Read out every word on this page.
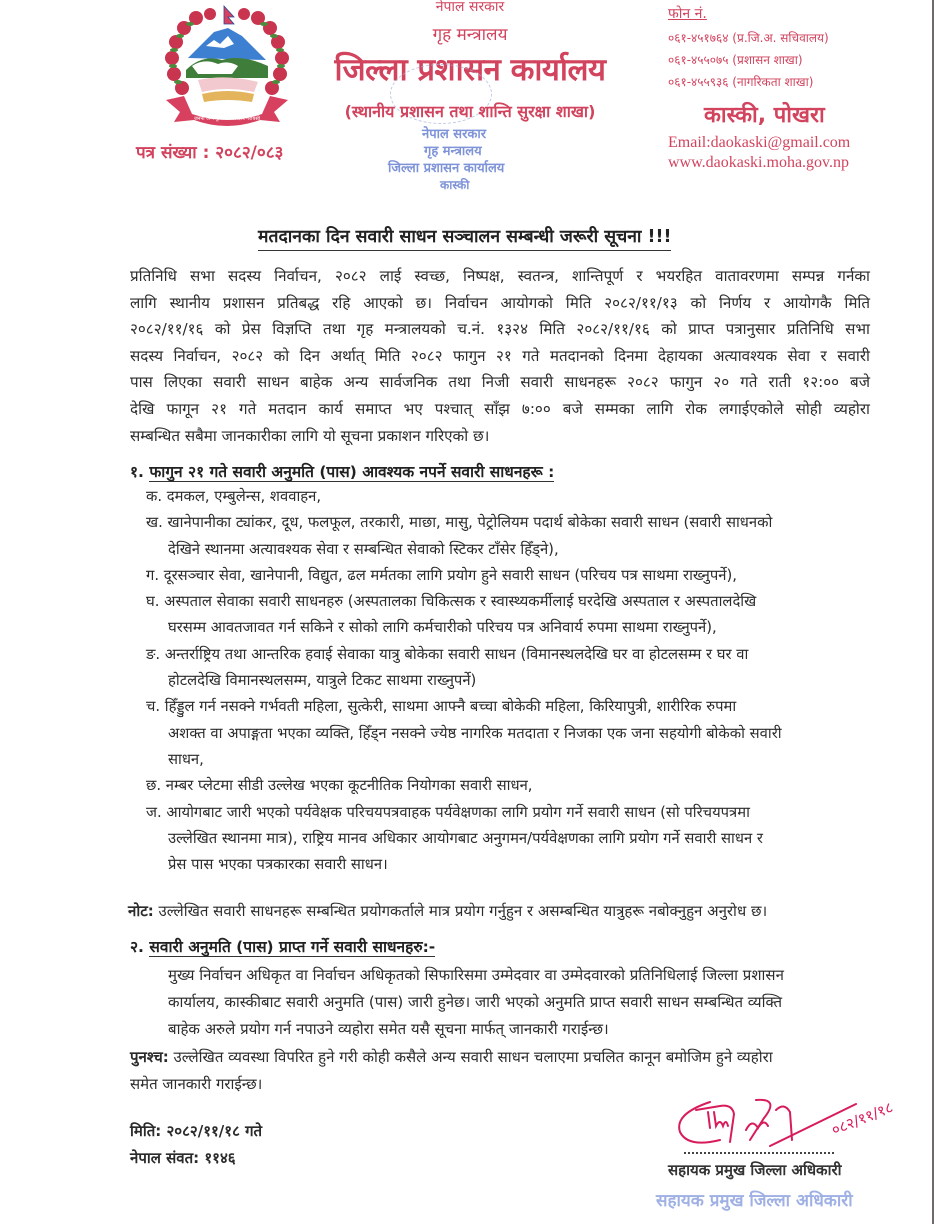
जननी जन्मभूमिश्च स्वर्गादपि गरीयसी
पत्र संख्या : २०८२/०८३
नेपाल सरकार
गृह मन्त्रालय
जिल्ला प्रशासन कार्यालय
(स्थानीय प्रशासन तथा शान्ति सुरक्षा शाखा)
नेपाल सरकार
गृह मन्त्रालय
जिल्ला प्रशासन कार्यालय
कास्की
फोन नं.
०६१-४५१७६४ (प्र.जि.अ. सचिवालय)
०६१-४५५०७५ (प्रशासन शाखा)
०६१-४५५९३६ (नागरिकता शाखा)
कास्की, पोखरा
Email:daokaski@gmail.com
www.daokaski.moha.gov.np
मतदानका दिन सवारी साधन सञ्चालन सम्बन्धी जरूरी सूचना !!!
प्रतिनिधि सभा सदस्य निर्वाचन, २०८२ लाई स्वच्छ, निष्पक्ष, स्वतन्त्र, शान्तिपूर्ण र भयरहित वातावरणमा सम्पन्न गर्नका
लागि स्थानीय प्रशासन प्रतिबद्ध रहि आएको छ। निर्वाचन आयोगको मिति २०८२/११/१३ को निर्णय र आयोगकै मिति
२०८२/११/१६ को प्रेस विज्ञप्ति तथा गृह मन्त्रालयको च.नं. १३२४ मिति २०८२/११/१६ को प्राप्त पत्रानुसार प्रतिनिधि सभा
सदस्य निर्वाचन, २०८२ को दिन अर्थात् मिति २०८२ फागुन २१ गते मतदानको दिनमा देहायका अत्यावश्यक सेवा र सवारी
पास लिएका सवारी साधन बाहेक अन्य सार्वजनिक तथा निजी सवारी साधनहरू २०८२ फागुन २० गते राती १२:०० बजे
देखि फागून २१ गते मतदान कार्य समाप्त भए पश्चात् साँझ ७:०० बजे सम्मका लागि रोक लगाईएकोले सोही व्यहोरा
सम्बन्धित सबैमा जानकारीका लागि यो सूचना प्रकाशन गरिएको छ।
१. फागुन २१ गते सवारी अनुमति (पास) आवश्यक नपर्ने सवारी साधनहरू :
क. दमकल, एम्बुलेन्स, शववाहन,
ख. खानेपानीका ट्यांकर, दूध, फलफूल, तरकारी, माछा, मासु, पेट्रोलियम पदार्थ बोकेका सवारी साधन (सवारी साधनको
देखिने स्थानमा अत्यावश्यक सेवा र सम्बन्धित सेवाको स्टिकर टाँसेर हिँड्ने),
ग. दूरसञ्चार सेवा, खानेपानी, विद्युत, ढल मर्मतका लागि प्रयोग हुने सवारी साधन (परिचय पत्र साथमा राख्नुपर्ने),
घ. अस्पताल सेवाका सवारी साधनहरु (अस्पतालका चिकित्सक र स्वास्थ्यकर्मीलाई घरदेखि अस्पताल र अस्पतालदेखि
घरसम्म आवतजावत गर्न सकिने र सोको लागि कर्मचारीको परिचय पत्र अनिवार्य रुपमा साथमा राख्नुपर्ने),
ङ. अन्तर्राष्ट्रिय तथा आन्तरिक हवाई सेवाका यात्रु बोकेका सवारी साधन (विमानस्थलदेखि घर वा होटलसम्म र घर वा
होटलदेखि विमानस्थलसम्म, यात्रुले टिकट साथमा राख्नुपर्ने)
च. हिँड्डुल गर्न नसक्ने गर्भवती महिला, सुत्केरी, साथमा आफ्नै बच्चा बोकेकी महिला, किरियापुत्री, शारीरिक रुपमा
अशक्त वा अपाङ्गता भएका व्यक्ति, हिँड्न नसक्ने ज्येष्ठ नागरिक मतदाता र निजका एक जना सहयोगी बोकेको सवारी
साधन,
छ. नम्बर प्लेटमा सीडी उल्लेख भएका कूटनीतिक नियोगका सवारी साधन,
ज. आयोगबाट जारी भएको पर्यवेक्षक परिचयपत्रवाहक पर्यवेक्षणका लागि प्रयोग गर्ने सवारी साधन (सो परिचयपत्रमा
उल्लेखित स्थानमा मात्र), राष्ट्रिय मानव अधिकार आयोगबाट अनुगमन/पर्यवेक्षणका लागि प्रयोग गर्ने सवारी साधन र
प्रेस पास भएका पत्रकारका सवारी साधन।
नोट: उल्लेखित सवारी साधनहरू सम्बन्धित प्रयोगकर्ताले मात्र प्रयोग गर्नुहुन र असम्बन्धित यात्रुहरू नबोक्नुहुन अनुरोध छ।
२. सवारी अनुमति (पास) प्राप्त गर्ने सवारी साधनहरु:-
मुख्य निर्वाचन अधिकृत वा निर्वाचन अधिकृतको सिफारिसमा उम्मेदवार वा उम्मेदवारको प्रतिनिधिलाई जिल्ला प्रशासन
कार्यालय, कास्कीबाट सवारी अनुमति (पास) जारी हुनेछ। जारी भएको अनुमति प्राप्त सवारी साधन सम्बन्धित व्यक्ति
बाहेक अरुले प्रयोग गर्न नपाउने व्यहोरा समेत यसै सूचना मार्फत् जानकारी गराईन्छ।
पुनश्च: उल्लेखित व्यवस्था विपरित हुने गरी कोही कसैले अन्य सवारी साधन चलाएमा प्रचलित कानून बमोजिम हुने व्यहोरा
समेत जानकारी गराईन्छ।
मिति: २०८२/११/१८ गते
नेपाल संवत: ११४६
०८२/११/१८
सहायक प्रमुख जिल्ला अधिकारी
सहायक प्रमुख जिल्ला अधिकारी
